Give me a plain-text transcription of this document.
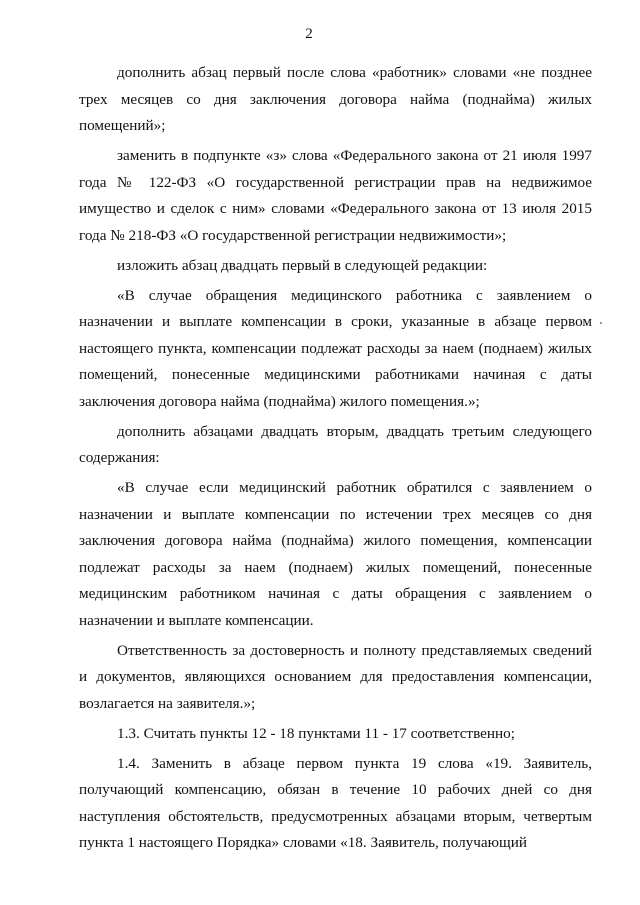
2

дополнить абзац первый после слова «работник» словами «не позднее трех месяцев со дня заключения договора найма (поднайма) жилых помещений»;

заменить в подпункте «з» слова «Федерального закона от 21 июля 1997 года № 122-ФЗ «О государственной регистрации прав на недвижимое имущество и сделок с ним» словами «Федерального закона от 13 июля 2015 года № 218-ФЗ «О государственной регистрации недвижимости»;

изложить абзац двадцать первый в следующей редакции:

«В случае обращения медицинского работника с заявлением о назначении и выплате компенсации в сроки, указанные в абзаце первом настоящего пункта, компенсации подлежат расходы за наем (поднаем) жилых помещений, понесенные медицинскими работниками начиная с даты заключения договора найма (поднайма) жилого помещения.»;

дополнить абзацами двадцать вторым, двадцать третьим следующего содержания:

«В случае если медицинский работник обратился с заявлением о назначении и выплате компенсации по истечении трех месяцев со дня заключения договора найма (поднайма) жилого помещения, компенсации подлежат расходы за наем (поднаем) жилых помещений, понесенные медицинским работником начиная с даты обращения с заявлением о назначении и выплате компенсации.

Ответственность за достоверность и полноту представляемых сведений и документов, являющихся основанием для предоставления компенсации, возлагается на заявителя.»;

1.3. Считать пункты 12 - 18 пунктами 11 - 17 соответственно;

1.4. Заменить в абзаце первом пункта 19 слова «19. Заявитель, получающий компенсацию, обязан в течение 10 рабочих дней со дня наступления обстоятельств, предусмотренных абзацами вторым, четвертым пункта 1 настоящего Порядка» словами «18. Заявитель, получающий
